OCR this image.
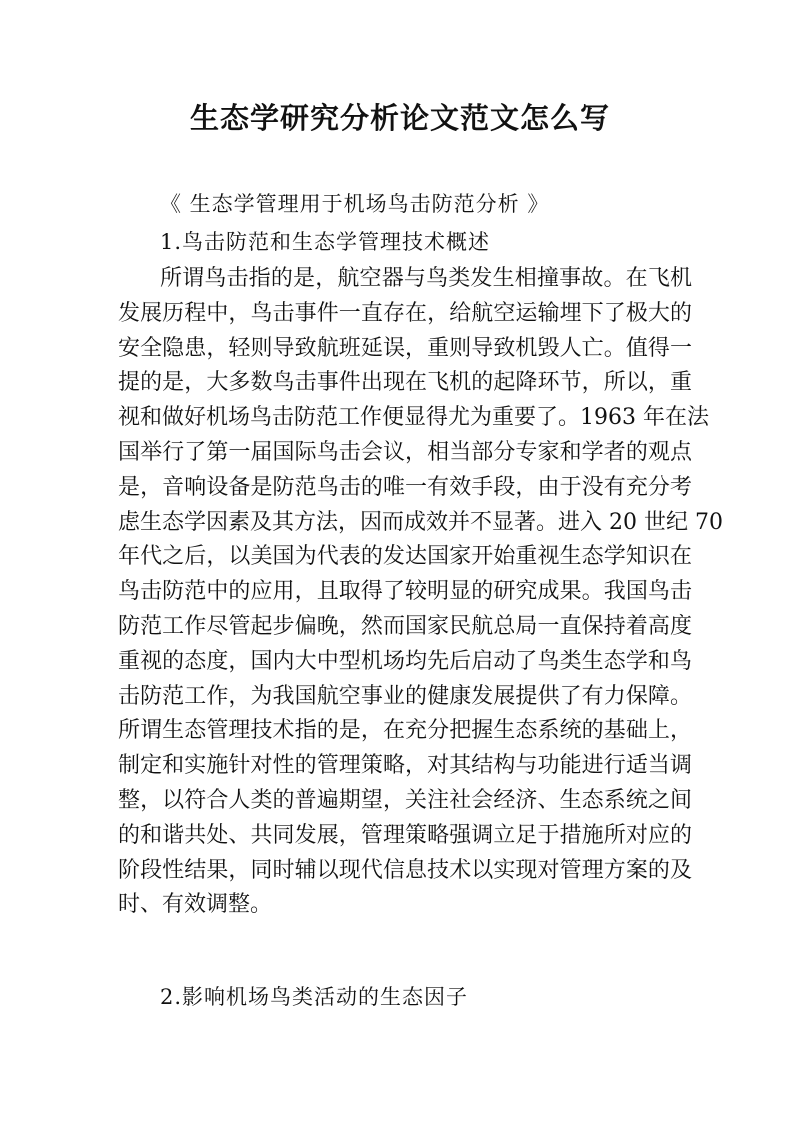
生态学研究分析论文范文怎么写

《 生态学管理用于机场鸟击防范分析 》

1.鸟击防范和生态学管理技术概述

所谓鸟击指的是，航空器与鸟类发生相撞事故。在飞机
发展历程中，鸟击事件一直存在，给航空运输埋下了极大的
安全隐患，轻则导致航班延误，重则导致机毁人亡。值得一
提的是，大多数鸟击事件出现在飞机的起降环节，所以，重
视和做好机场鸟击防范工作便显得尤为重要了。1963 年在法
国举行了第一届国际鸟击会议，相当部分专家和学者的观点
是，音响设备是防范鸟击的唯一有效手段，由于没有充分考
虑生态学因素及其方法，因而成效并不显著。进入 20 世纪 70
年代之后，以美国为代表的发达国家开始重视生态学知识在
鸟击防范中的应用，且取得了较明显的研究成果。我国鸟击
防范工作尽管起步偏晚，然而国家民航总局一直保持着高度
重视的态度，国内大中型机场均先后启动了鸟类生态学和鸟
击防范工作，为我国航空事业的健康发展提供了有力保障。
所谓生态管理技术指的是，在充分把握生态系统的基础上，
制定和实施针对性的管理策略，对其结构与功能进行适当调
整，以符合人类的普遍期望，关注社会经济、生态系统之间
的和谐共处、共同发展，管理策略强调立足于措施所对应的
阶段性结果，同时辅以现代信息技术以实现对管理方案的及
时、有效调整。

2.影响机场鸟类活动的生态因子
